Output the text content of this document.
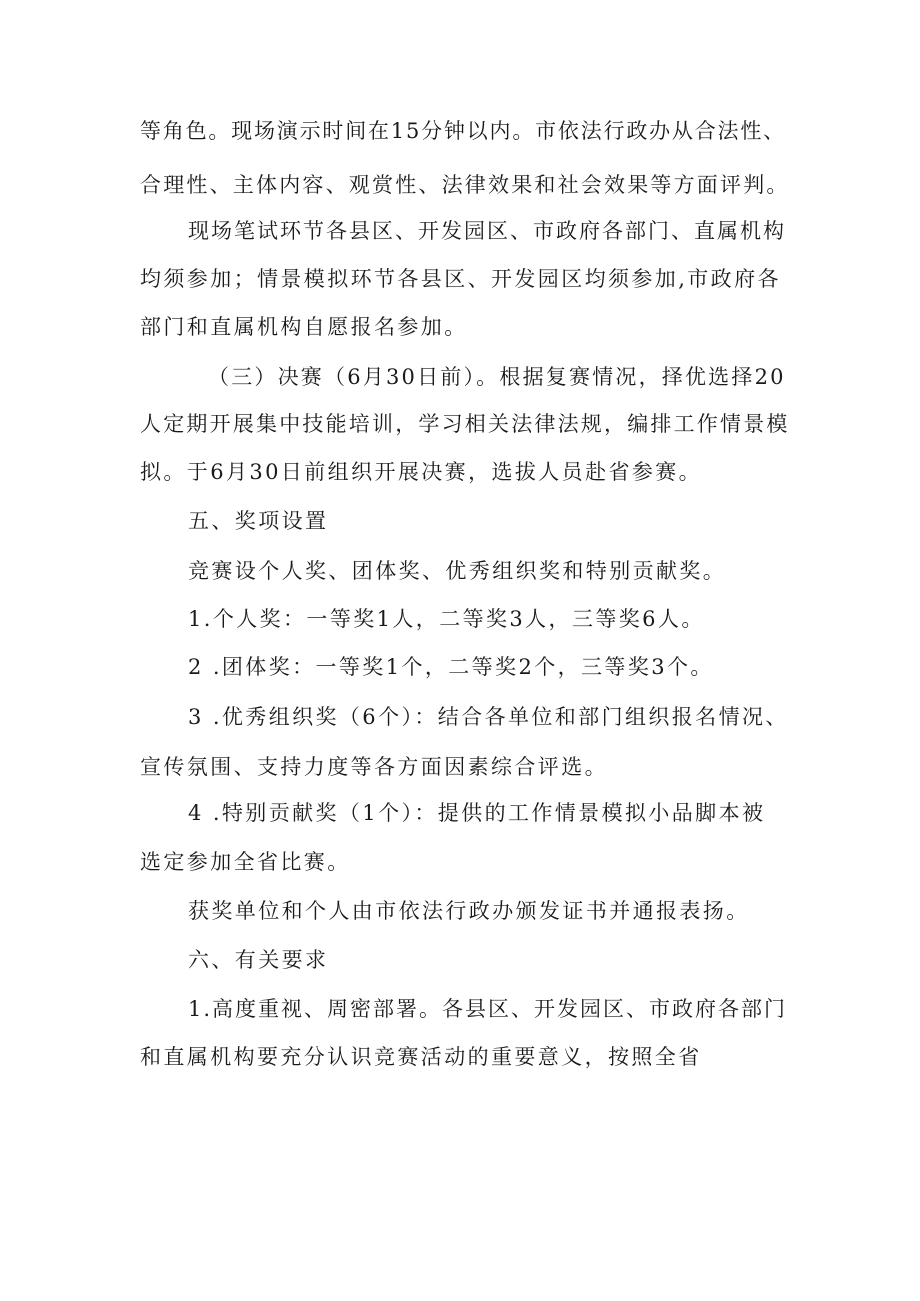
等角色。现场演示时间在15分钟以内。市依法行政办从合法性、
合理性、主体内容、观赏性、法律效果和社会效果等方面评判。
现场笔试环节各县区、开发园区、市政府各部门、直属机构
均须参加；情景模拟环节各县区、开发园区均须参加,市政府各
部门和直属机构自愿报名参加。
（三）决赛（6月30日前）。根据复赛情况，择优选择20
人定期开展集中技能培训，学习相关法律法规，编排工作情景模
拟。于6月30日前组织开展决赛，选拔人员赴省参赛。
五、奖项设置
竞赛设个人奖、团体奖、优秀组织奖和特别贡献奖。
1.个人奖：一等奖1人，二等奖3人，三等奖6人。
2 .团体奖：一等奖1个，二等奖2个，三等奖3个。
3 .优秀组织奖（6个）：结合各单位和部门组织报名情况、
宣传氛围、支持力度等各方面因素综合评选。
4 .特别贡献奖（1个）：提供的工作情景模拟小品脚本被
选定参加全省比赛。
获奖单位和个人由市依法行政办颁发证书并通报表扬。
六、有关要求
1.高度重视、周密部署。各县区、开发园区、市政府各部门
和直属机构要充分认识竞赛活动的重要意义，按照全省
